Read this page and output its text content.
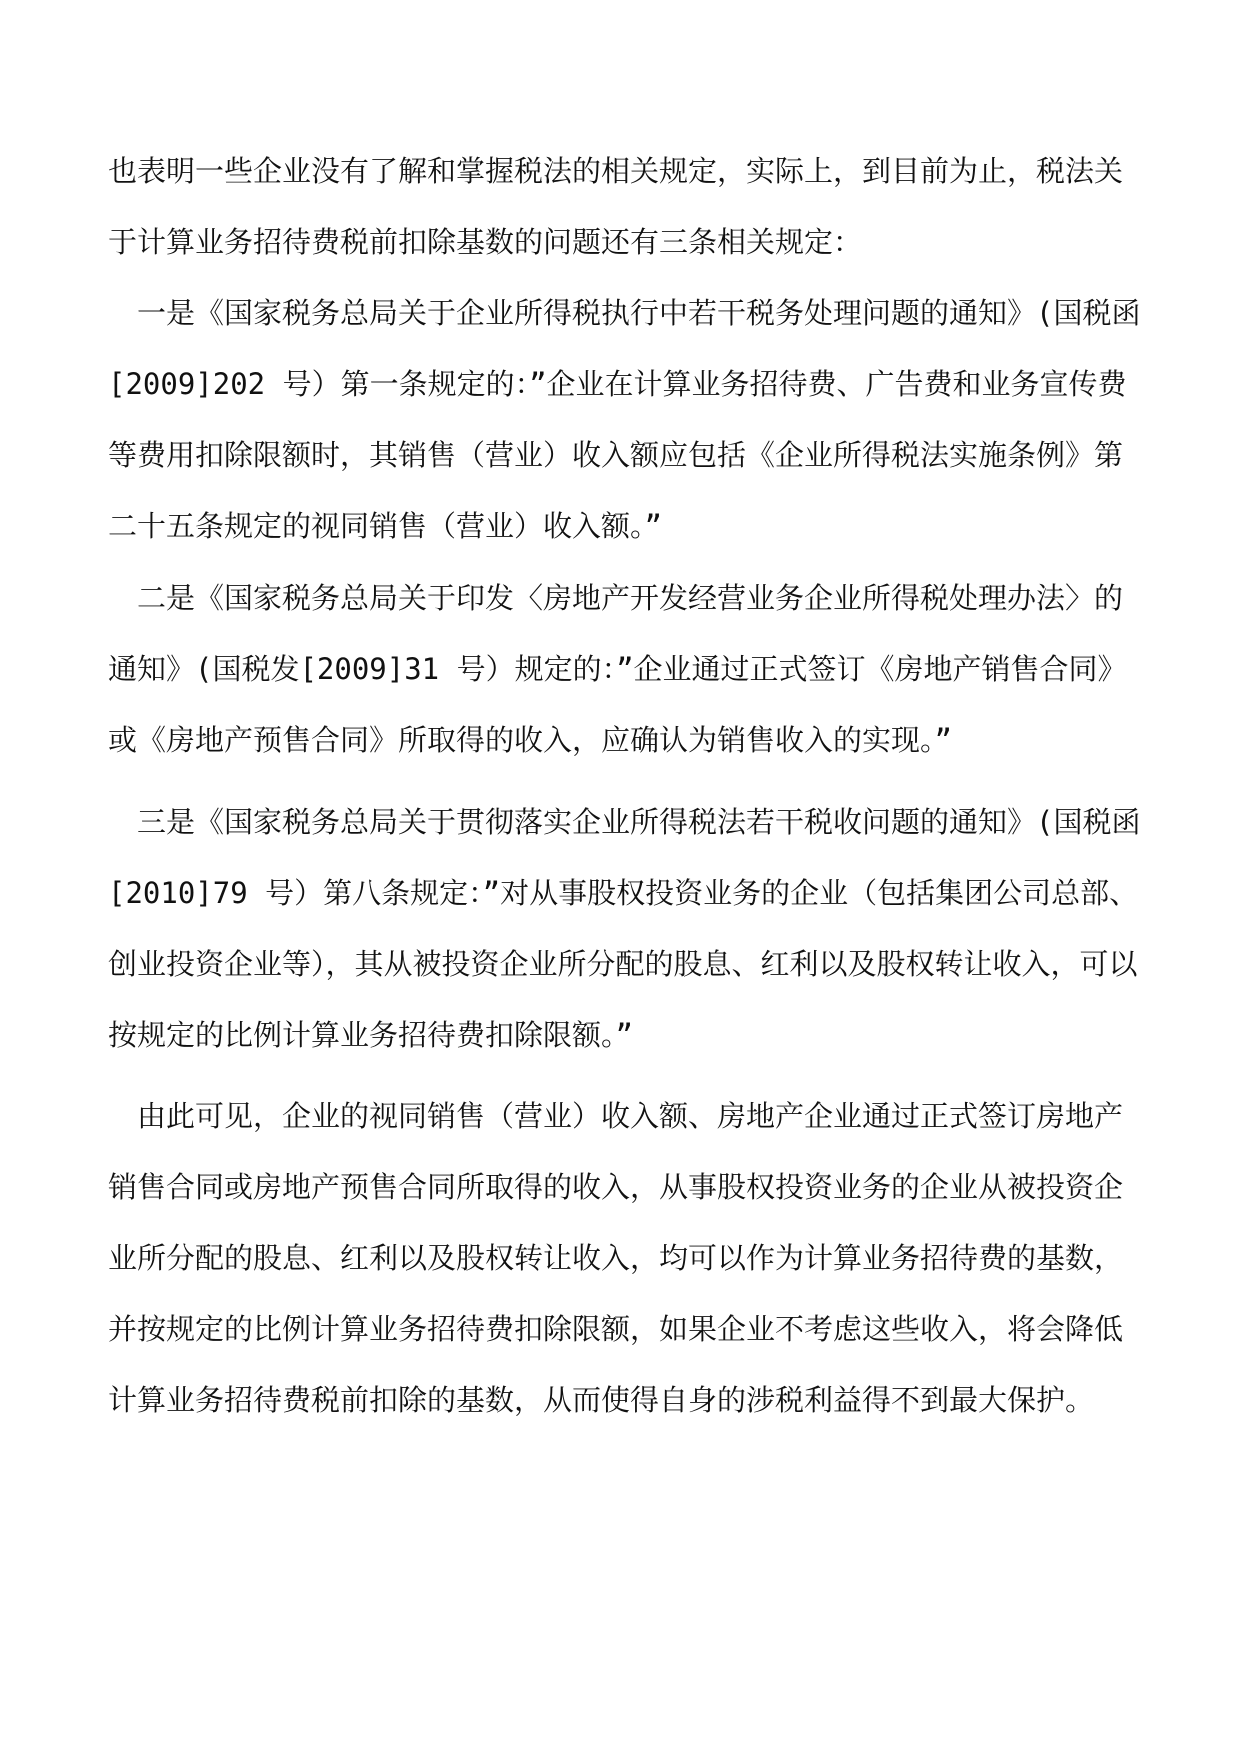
也表明一些企业没有了解和掌握税法的相关规定，实际上，到目前为止，税法关
于计算业务招待费税前扣除基数的问题还有三条相关规定：
　一是《国家税务总局关于企业所得税执行中若干税务处理问题的通知》(国税函
[2009]202 号）第一条规定的：”企业在计算业务招待费、广告费和业务宣传费
等费用扣除限额时，其销售（营业）收入额应包括《企业所得税法实施条例》第
二十五条规定的视同销售（营业）收入额。”
　二是《国家税务总局关于印发〈房地产开发经营业务企业所得税处理办法〉的
通知》(国税发[2009]31 号）规定的：”企业通过正式签订《房地产销售合同》
或《房地产预售合同》所取得的收入，应确认为销售收入的实现。”
　三是《国家税务总局关于贯彻落实企业所得税法若干税收问题的通知》(国税函
[2010]79 号）第八条规定：”对从事股权投资业务的企业（包括集团公司总部、
创业投资企业等），其从被投资企业所分配的股息、红利以及股权转让收入，可以
按规定的比例计算业务招待费扣除限额。”
　由此可见，企业的视同销售（营业）收入额、房地产企业通过正式签订房地产
销售合同或房地产预售合同所取得的收入，从事股权投资业务的企业从被投资企
业所分配的股息、红利以及股权转让收入，均可以作为计算业务招待费的基数，
并按规定的比例计算业务招待费扣除限额，如果企业不考虑这些收入，将会降低
计算业务招待费税前扣除的基数，从而使得自身的涉税利益得不到最大保护。
